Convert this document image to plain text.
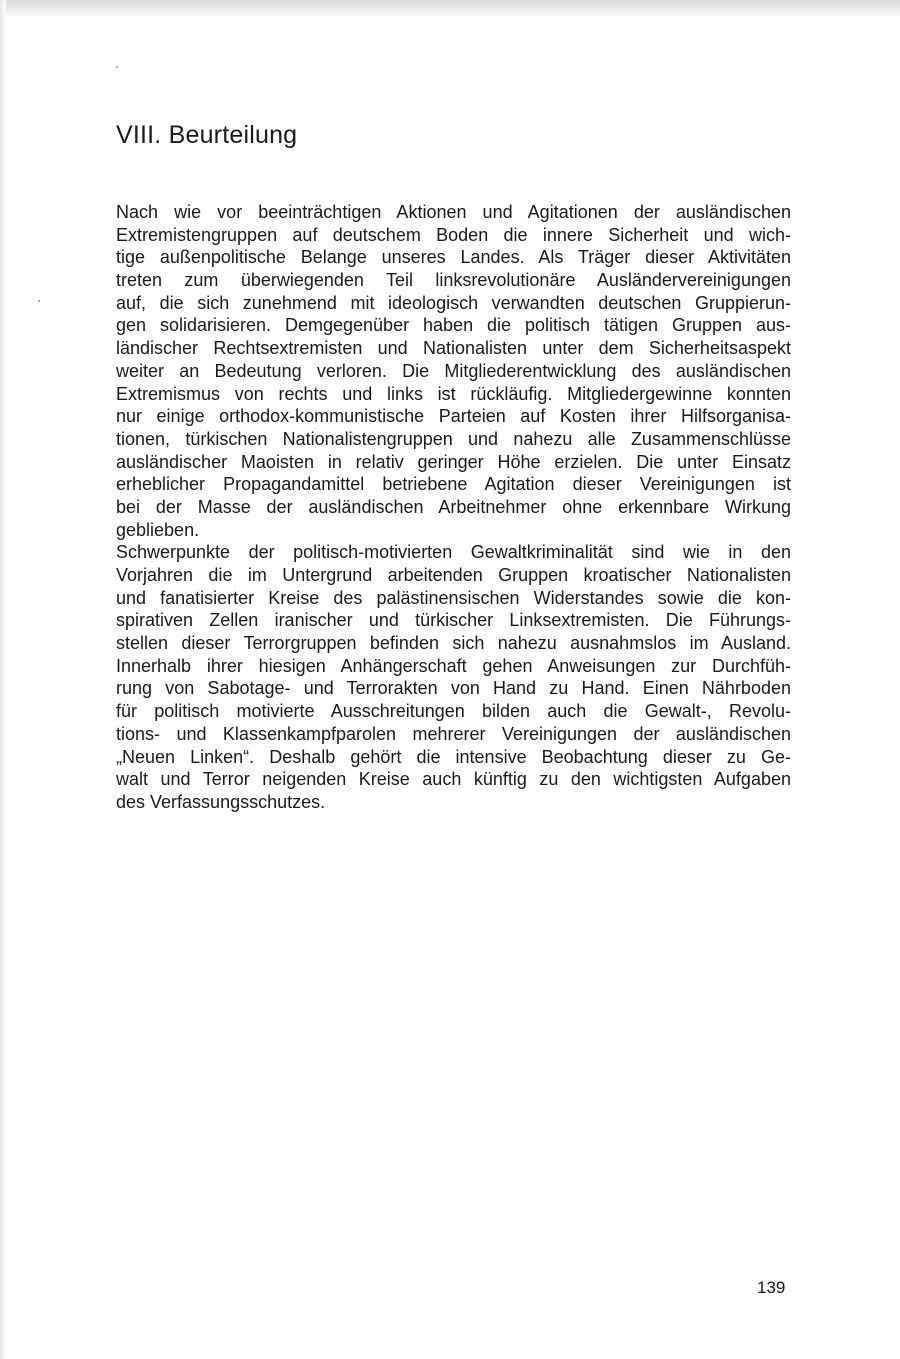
VIII. Beurteilung
Nach wie vor beeinträchtigen Aktionen und Agitationen der ausländischen
Extremistengruppen auf deutschem Boden die innere Sicherheit und wich-
tige außenpolitische Belange unseres Landes. Als Träger dieser Aktivitäten
treten zum überwiegenden Teil linksrevolutionäre Ausländervereinigungen
auf, die sich zunehmend mit ideologisch verwandten deutschen Gruppierun-
gen solidarisieren. Demgegenüber haben die politisch tätigen Gruppen aus-
ländischer Rechtsextremisten und Nationalisten unter dem Sicherheitsaspekt
weiter an Bedeutung verloren. Die Mitgliederentwicklung des ausländischen
Extremismus von rechts und links ist rückläufig. Mitgliedergewinne konnten
nur einige orthodox-kommunistische Parteien auf Kosten ihrer Hilfsorganisa-
tionen, türkischen Nationalistengruppen und nahezu alle Zusammenschlüsse
ausländischer Maoisten in relativ geringer Höhe erzielen. Die unter Einsatz
erheblicher Propagandamittel betriebene Agitation dieser Vereinigungen ist
bei der Masse der ausländischen Arbeitnehmer ohne erkennbare Wirkung
geblieben.
Schwerpunkte der politisch-motivierten Gewaltkriminalität sind wie in den
Vorjahren die im Untergrund arbeitenden Gruppen kroatischer Nationalisten
und fanatisierter Kreise des palästinensischen Widerstandes sowie die kon-
spirativen Zellen iranischer und türkischer Linksextremisten. Die Führungs-
stellen dieser Terrorgruppen befinden sich nahezu ausnahmslos im Ausland.
Innerhalb ihrer hiesigen Anhängerschaft gehen Anweisungen zur Durchfüh-
rung von Sabotage- und Terrorakten von Hand zu Hand. Einen Nährboden
für politisch motivierte Ausschreitungen bilden auch die Gewalt-, Revolu-
tions- und Klassenkampfparolen mehrerer Vereinigungen der ausländischen
„Neuen Linken“. Deshalb gehört die intensive Beobachtung dieser zu Ge-
walt und Terror neigenden Kreise auch künftig zu den wichtigsten Aufgaben
des Verfassungsschutzes.
139
